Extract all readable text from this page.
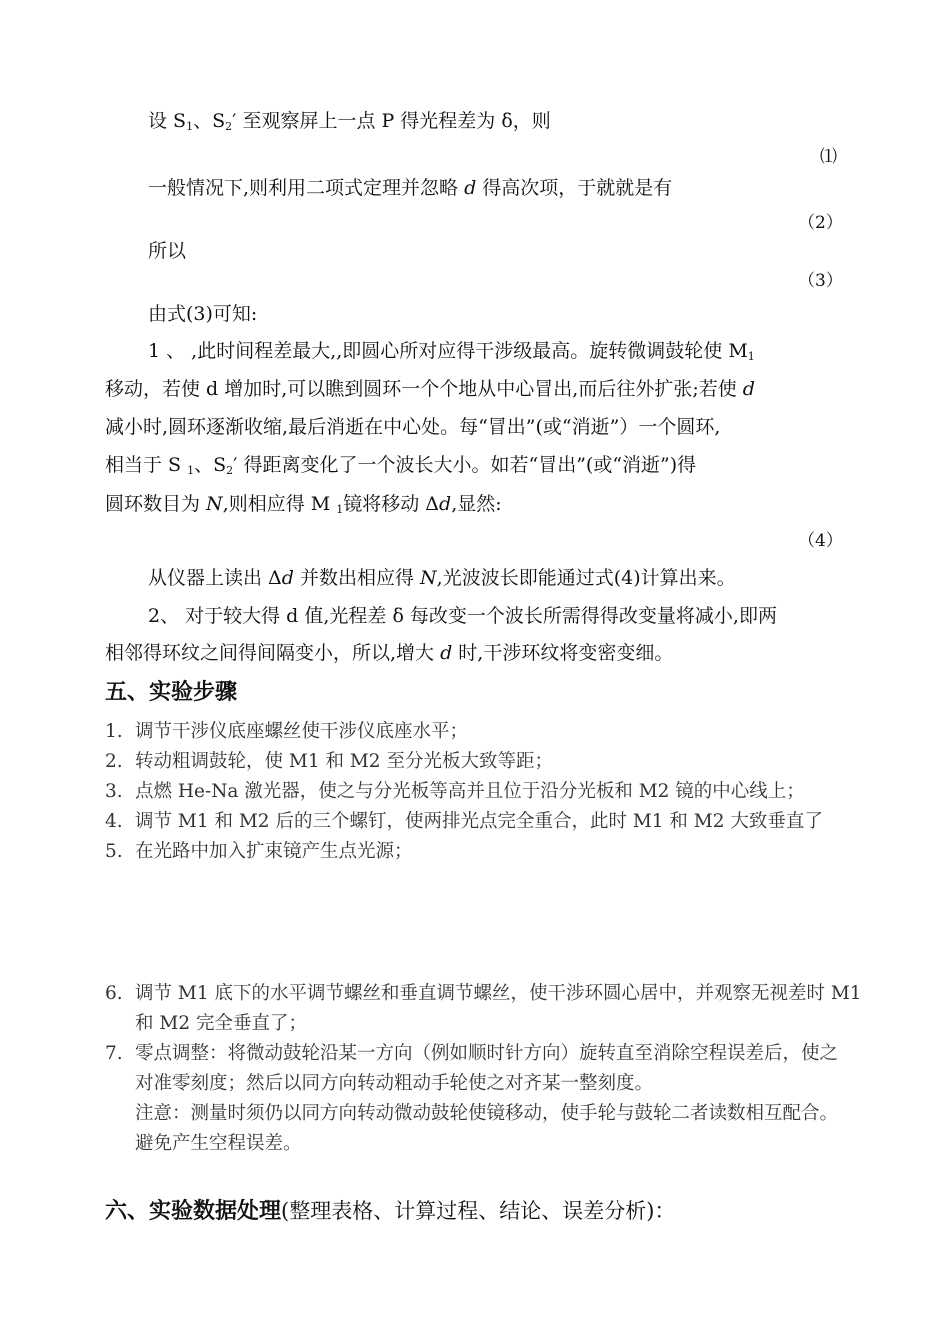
设 $S_1$、$S_2'$ 至观察屏上一点 P 得光程差为 δ，则
⑴
一般情况下,则利用二项式定理并忽略 d 得高次项，于就就是有
（2）
所以
（3）
由式(3)可知:
1 、 ,此时间程差最大,,即圆心所对应得干涉级最高。旋转微调鼓轮使 $M_1$
移动，若使 d 增加时,可以瞧到圆环一个个地从中心冒出,而后往外扩张;若使 d
减小时,圆环逐渐收缩,最后消逝在中心处。每“冒出”(或“消逝”）一个圆环,
相当于 S $_1$、$S_2'$ 得距离变化了一个波长大小。如若“冒出”(或“消逝”)得
圆环数目为 N,则相应得 M $_1$镜将移动 Δd,显然:
（4）
从仪器上读出 Δd 并数出相应得 N,光波波长即能通过式(4)计算出来。
2、 对于较大得 d 值,光程差 δ 每改变一个波长所需得得改变量将减小,即两
相邻得环纹之间得间隔变小，所以,增大 d 时,干涉环纹将变密变细。
五、实验步骤
1. 调节干涉仪底座螺丝使干涉仪底座水平；
2. 转动粗调鼓轮，使 M1 和 M2 至分光板大致等距；
3. 点燃 He-Na 激光器，使之与分光板等高并且位于沿分光板和 M2 镜的中心线上；
4. 调节 M1 和 M2 后的三个螺钉，使两排光点完全重合，此时 M1 和 M2 大致垂直了
5. 在光路中加入扩束镜产生点光源；
6. 调节 M1 底下的水平调节螺丝和垂直调节螺丝，使干涉环圆心居中，并观察无视差时 M1
和 M2 完全垂直了；
7. 零点调整：将微动鼓轮沿某一方向（例如顺时针方向）旋转直至消除空程误差后，使之
对准零刻度；然后以同方向转动粗动手轮使之对齐某一整刻度。
注意：测量时须仍以同方向转动微动鼓轮使镜移动，使手轮与鼓轮二者读数相互配合。
避免产生空程误差。
六、实验数据处理(整理表格、计算过程、结论、误差分析)：
